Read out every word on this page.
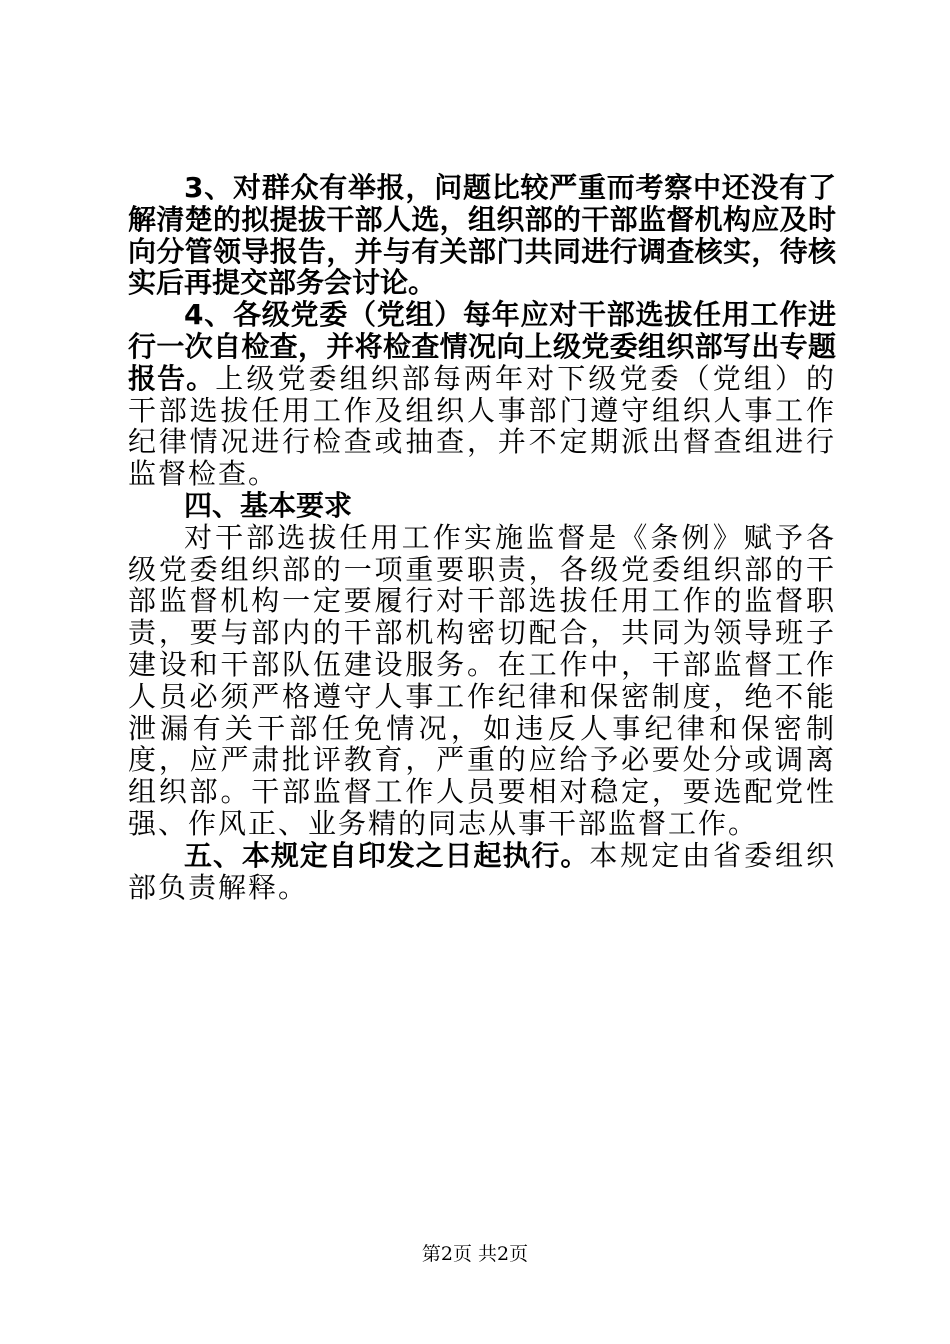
3、对群众有举报，问题比较严重而考察中还没有了解清楚的拟提拔干部人选，组织部的干部监督机构应及时向分管领导报告，并与有关部门共同进行调查核实，待核实后再提交部务会讨论。

4、各级党委（党组）每年应对干部选拔任用工作进行一次自检查，并将检查情况向上级党委组织部写出专题报告。上级党委组织部每两年对下级党委（党组）的干部选拔任用工作及组织人事部门遵守组织人事工作纪律情况进行检查或抽查，并不定期派出督查组进行监督检查。

四、基本要求

对干部选拔任用工作实施监督是《条例》赋予各级党委组织部的一项重要职责，各级党委组织部的干部监督机构一定要履行对干部选拔任用工作的监督职责，要与部内的干部机构密切配合，共同为领导班子建设和干部队伍建设服务。在工作中，干部监督工作人员必须严格遵守人事工作纪律和保密制度，绝不能泄漏有关干部任免情况，如违反人事纪律和保密制度，应严肃批评教育，严重的应给予必要处分或调离组织部。干部监督工作人员要相对稳定，要选配党性强、作风正、业务精的同志从事干部监督工作。

五、本规定自印发之日起执行。本规定由省委组织部负责解释。

第2页 共2页
